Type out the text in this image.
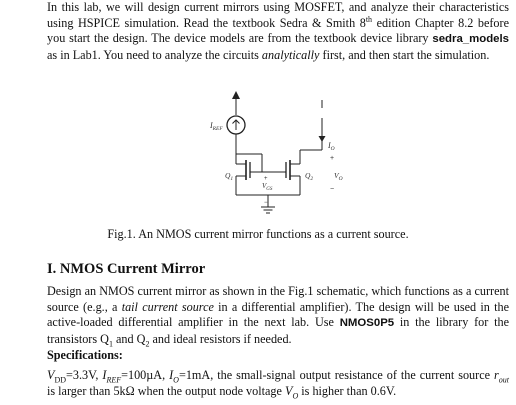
In this lab, we will design current mirrors using MOSFET, and analyze their characteristics using HSPICE simulation. Read the textbook Sedra & Smith 8th edition Chapter 8.2 before you start the design. The device models are from the textbook device library sedra_models as in Lab1. You need to analyze the circuits analytically first, and then start the simulation.
$I_{REF}$
$I_O$
$Q_1$	$Q_2$	$V_O$
$V_{GS}$
+
−
+
−
Fig.1. An NMOS current mirror functions as a current source.
I. NMOS Current Mirror
Design an NMOS current mirror as shown in the Fig.1 schematic, which functions as a current source (e.g., a tail current source in a differential amplifier). The design will be used in the active-loaded differential amplifier in the next lab. Use NMOS0P5 in the library for the transistors $Q_1$ and $Q_2$ and ideal resistors if needed.
Specifications:
$V_{DD}=3.3V$, $I_{REF}=100\mu A$, $I_O=1mA$, the small-signal output resistance of the current source $r_{out}$ is larger than 5kΩ when the output node voltage $V_O$ is higher than 0.6V.
